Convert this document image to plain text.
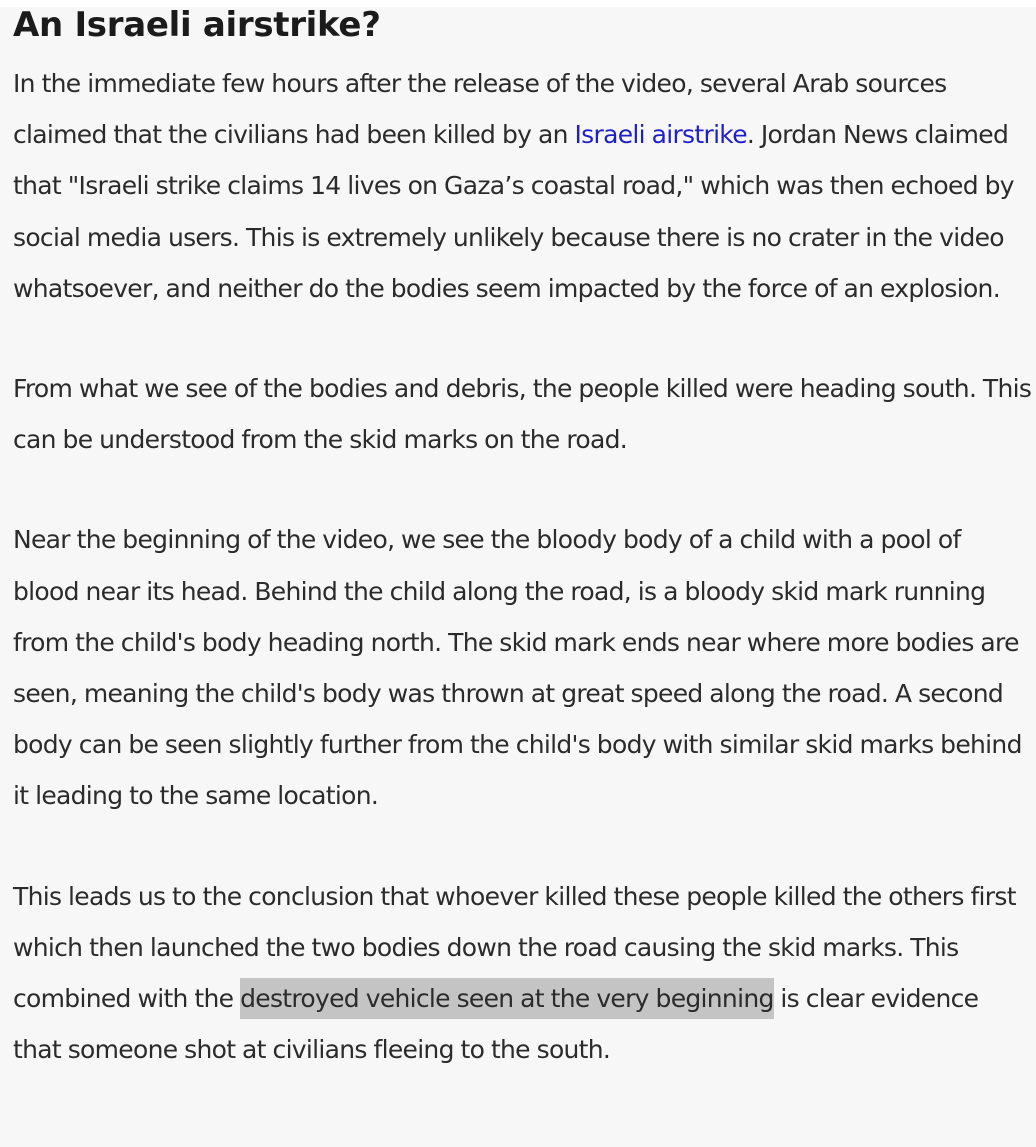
An Israeli airstrike?

In the immediate few hours after the release of the video, several Arab sources claimed that the civilians had been killed by an Israeli airstrike. Jordan News claimed that "Israeli strike claims 14 lives on Gaza’s coastal road," which was then echoed by social media users. This is extremely unlikely because there is no crater in the video whatsoever, and neither do the bodies seem impacted by the force of an explosion.

From what we see of the bodies and debris, the people killed were heading south. This can be understood from the skid marks on the road.

Near the beginning of the video, we see the bloody body of a child with a pool of blood near its head. Behind the child along the road, is a bloody skid mark running from the child's body heading north. The skid mark ends near where more bodies are seen, meaning the child's body was thrown at great speed along the road. A second body can be seen slightly further from the child's body with similar skid marks behind it leading to the same location.

This leads us to the conclusion that whoever killed these people killed the others first which then launched the two bodies down the road causing the skid marks. This combined with the destroyed vehicle seen at the very beginning is clear evidence that someone shot at civilians fleeing to the south.
